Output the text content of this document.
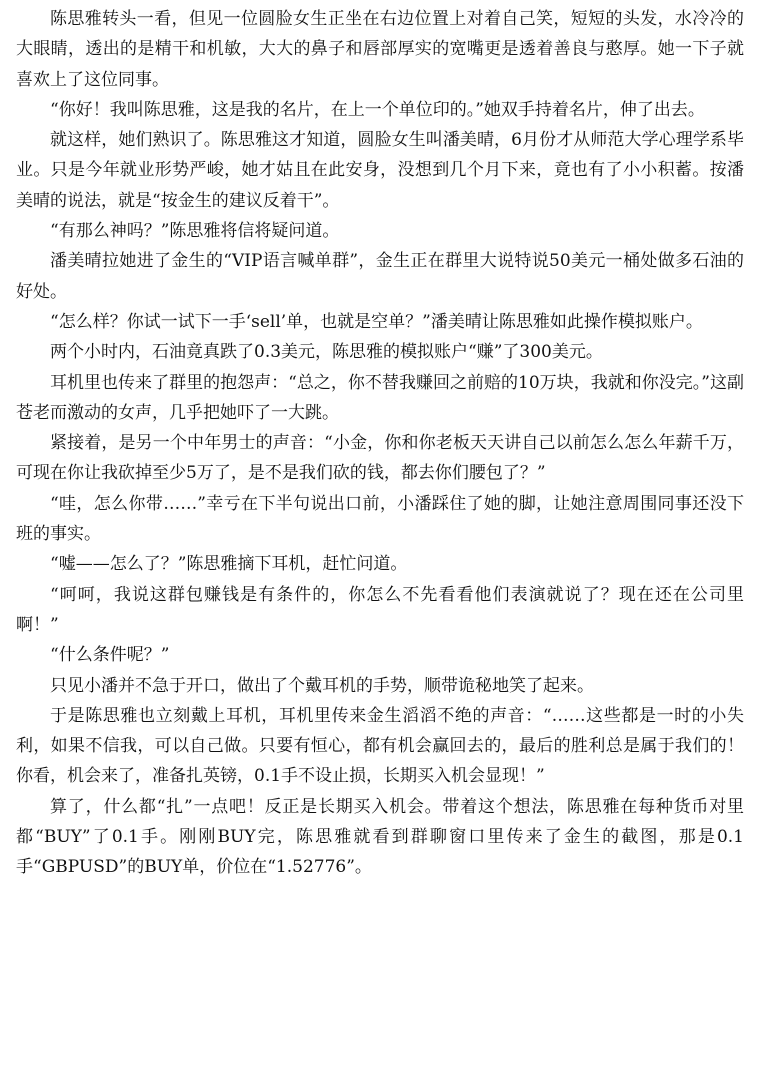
陈思雅转头一看，但见一位圆脸女生正坐在右边位置上对着自己笑，短短的头发，水冷冷的大眼睛，透出的是精干和机敏，大大的鼻子和唇部厚实的宽嘴更是透着善良与憨厚。她一下子就喜欢上了这位同事。

“你好！我叫陈思雅，这是我的名片，在上一个单位印的。”她双手持着名片，伸了出去。

就这样，她们熟识了。陈思雅这才知道，圆脸女生叫潘美晴，6月份才从师范大学心理学系毕业。只是今年就业形势严峻，她才姑且在此安身，没想到几个月下来，竟也有了小小积蓄。按潘美晴的说法，就是“按金生的建议反着干”。

“有那么神吗？”陈思雅将信将疑问道。

潘美晴拉她进了金生的“VIP语言喊单群”，金生正在群里大说特说50美元一桶处做多石油的好处。

“怎么样？你试一试下一手‘sell’单，也就是空单？”潘美晴让陈思雅如此操作模拟账户。

两个小时内，石油竟真跌了0.3美元，陈思雅的模拟账户“赚”了300美元。

耳机里也传来了群里的抱怨声：“总之，你不替我赚回之前赔的10万块，我就和你没完。”这副苍老而激动的女声，几乎把她吓了一大跳。

紧接着，是另一个中年男士的声音：“小金，你和你老板天天讲自己以前怎么怎么年薪千万，可现在你让我砍掉至少5万了，是不是我们砍的钱，都去你们腰包了？”

“哇，怎么你带……”幸亏在下半句说出口前，小潘踩住了她的脚，让她注意周围同事还没下班的事实。

“嘘——怎么了？”陈思雅摘下耳机，赶忙问道。

“呵呵，我说这群包赚钱是有条件的，你怎么不先看看他们表演就说了？现在还在公司里啊！”

“什么条件呢？”

只见小潘并不急于开口，做出了个戴耳机的手势，顺带诡秘地笑了起来。

于是陈思雅也立刻戴上耳机，耳机里传来金生滔滔不绝的声音：“……这些都是一时的小失利，如果不信我，可以自己做。只要有恒心，都有机会赢回去的，最后的胜利总是属于我们的！你看，机会来了，准备扎英镑，0.1手不设止损，长期买入机会显现！”

算了，什么都“扎”一点吧！反正是长期买入机会。带着这个想法，陈思雅在每种货币对里都“BUY”了0.1手。刚刚BUY完，陈思雅就看到群聊窗口里传来了金生的截图，那是0.1手“GBPUSD”的BUY单，价位在“1.52776”。
